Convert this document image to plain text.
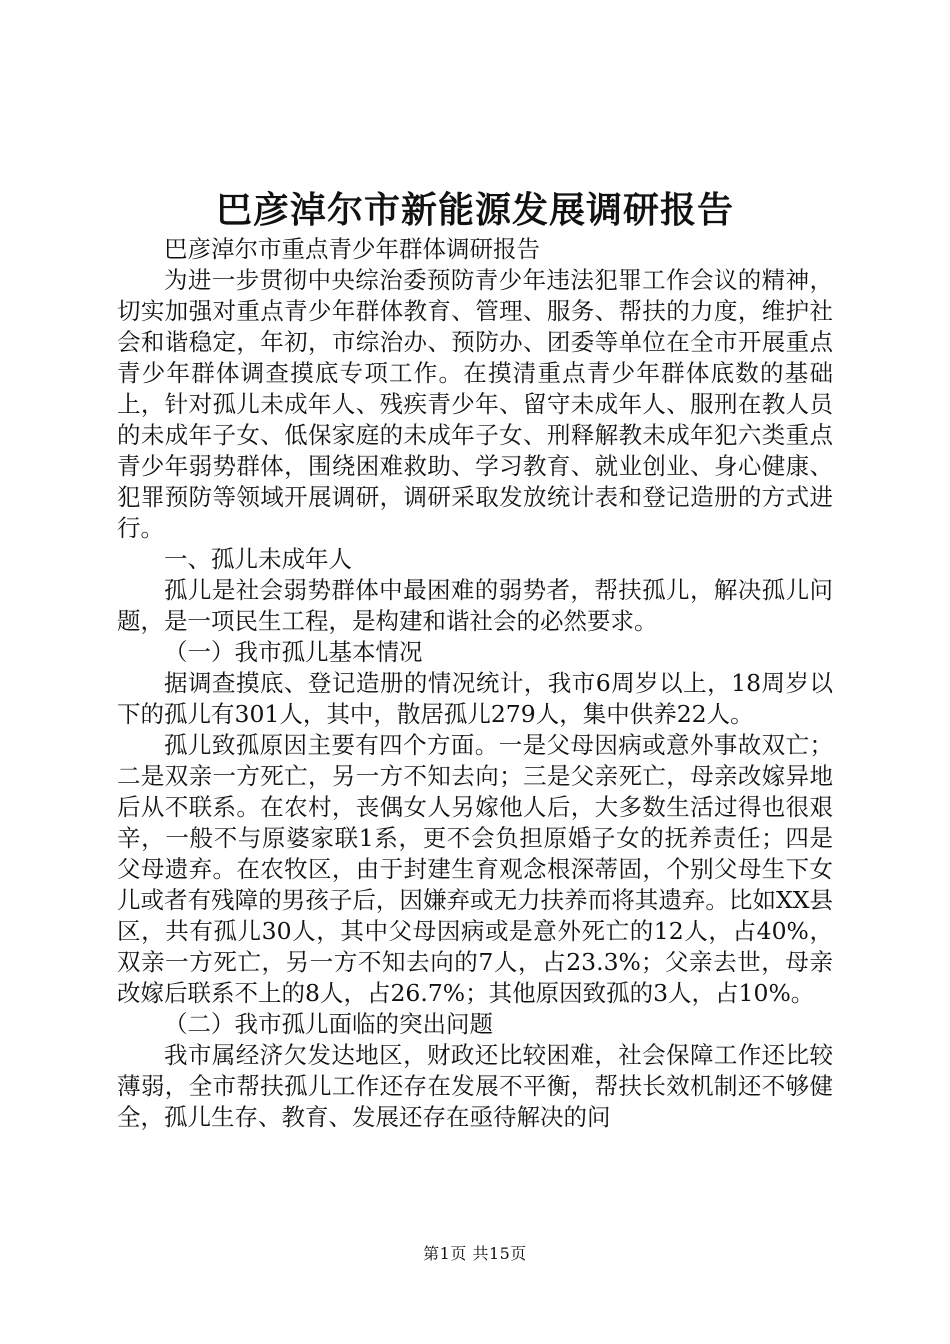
巴彦淖尔市新能源发展调研报告

巴彦淖尔市重点青少年群体调研报告

为进一步贯彻中央综治委预防青少年违法犯罪工作会议的精神，切实加强对重点青少年群体教育、管理、服务、帮扶的力度，维护社会和谐稳定，年初，市综治办、预防办、团委等单位在全市开展重点青少年群体调查摸底专项工作。在摸清重点青少年群体底数的基础上，针对孤儿未成年人、残疾青少年、留守未成年人、服刑在教人员的未成年子女、低保家庭的未成年子女、刑释解教未成年犯六类重点青少年弱势群体，围绕困难救助、学习教育、就业创业、身心健康、犯罪预防等领域开展调研，调研采取发放统计表和登记造册的方式进行。

一、孤儿未成年人

孤儿是社会弱势群体中最困难的弱势者，帮扶孤儿，解决孤儿问题，是一项民生工程，是构建和谐社会的必然要求。

（一）我市孤儿基本情况

据调查摸底、登记造册的情况统计，我市6周岁以上，18周岁以下的孤儿有301人，其中，散居孤儿279人，集中供养22人。

孤儿致孤原因主要有四个方面。一是父母因病或意外事故双亡；二是双亲一方死亡，另一方不知去向；三是父亲死亡，母亲改嫁异地后从不联系。在农村，丧偶女人另嫁他人后，大多数生活过得也很艰辛，一般不与原婆家联1系，更不会负担原婚子女的抚养责任；四是父母遗弃。在农牧区，由于封建生育观念根深蒂固，个别父母生下女儿或者有残障的男孩子后，因嫌弃或无力扶养而将其遗弃。比如XX县区，共有孤儿30人，其中父母因病或是意外死亡的12人，占40%，双亲一方死亡，另一方不知去向的7人，占23.3%；父亲去世，母亲改嫁后联系不上的8人，占26.7%；其他原因致孤的3人，占10%。

（二）我市孤儿面临的突出问题

我市属经济欠发达地区，财政还比较困难，社会保障工作还比较薄弱，全市帮扶孤儿工作还存在发展不平衡，帮扶长效机制还不够健全，孤儿生存、教育、发展还存在亟待解决的问

第1页 共15页
